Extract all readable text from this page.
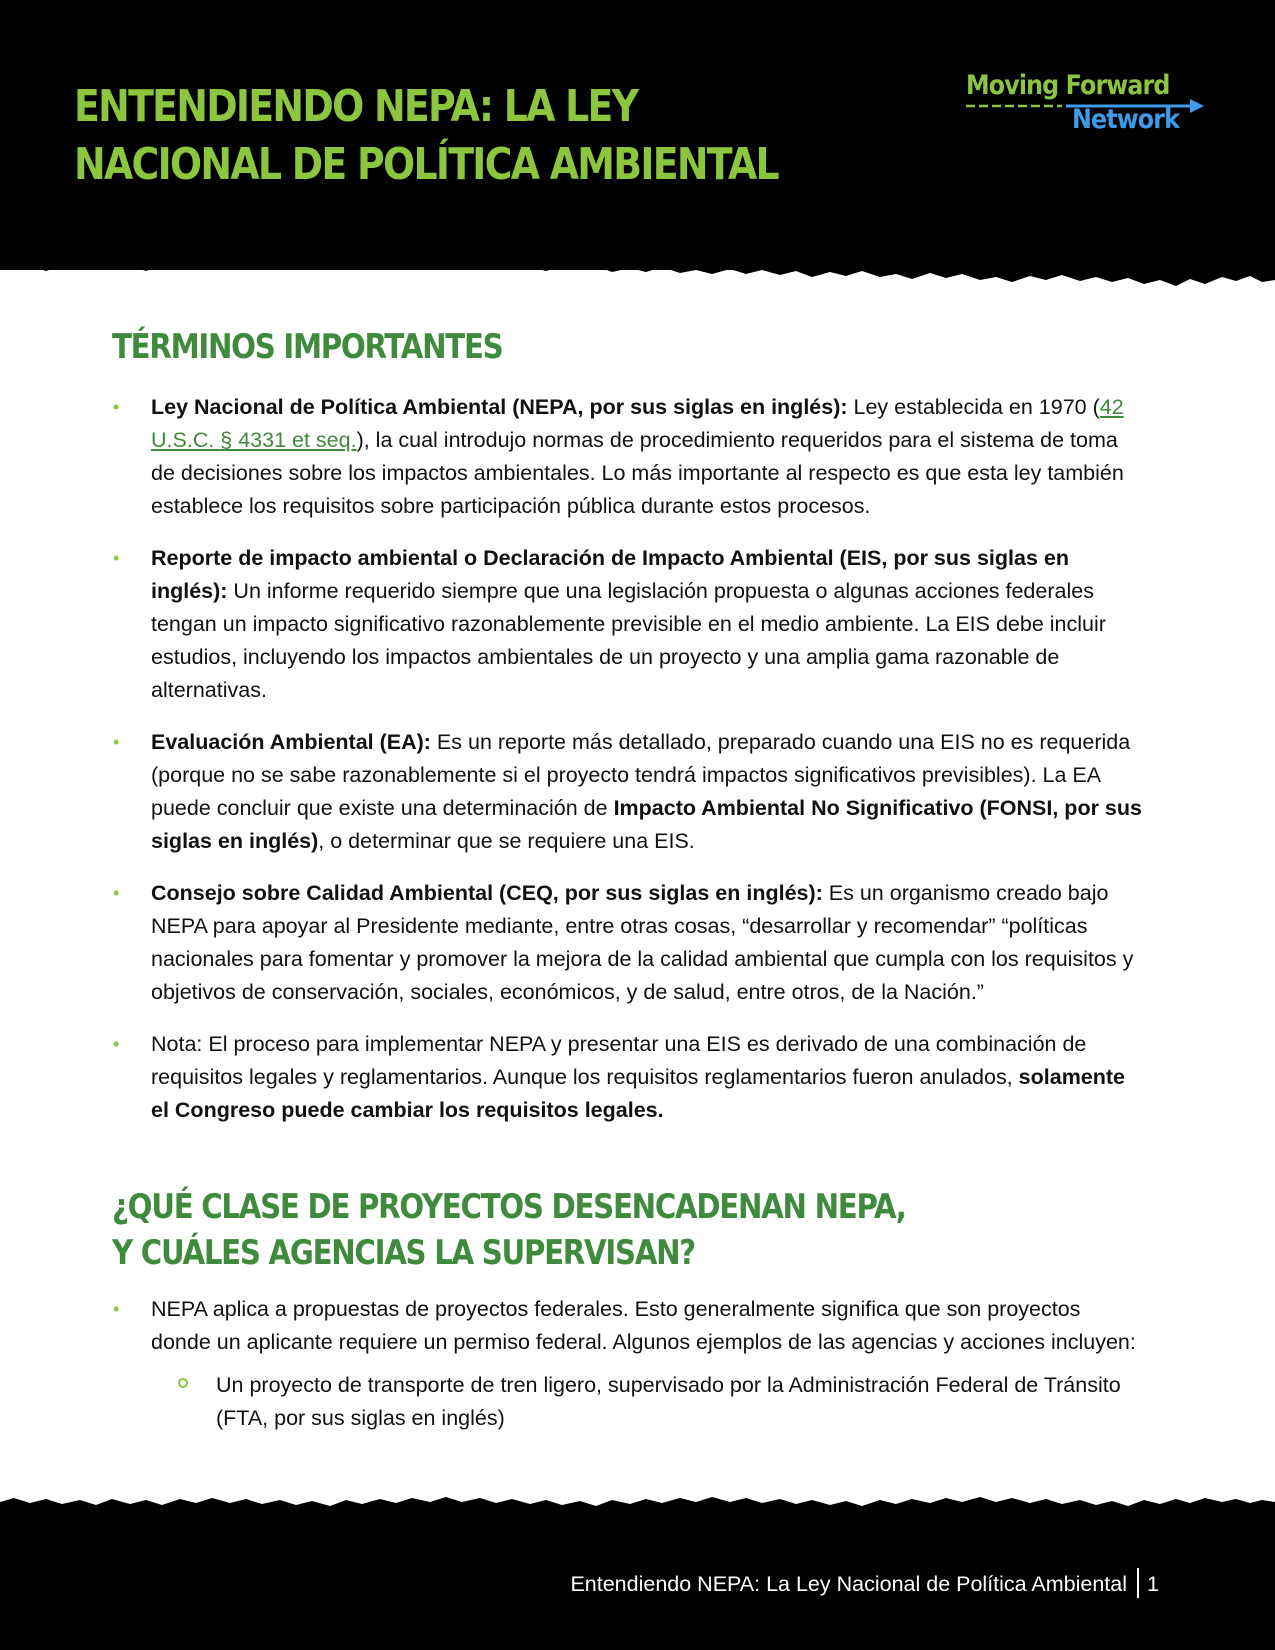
ENTENDIENDO NEPA: LA LEY
NACIONAL DE POLÍTICA AMBIENTAL
Moving Forward
Network
TÉRMINOS IMPORTANTES
• Ley Nacional de Política Ambiental (NEPA, por sus siglas en inglés): Ley establecida en 1970 (42 U.S.C. § 4331 et seq.), la cual introdujo normas de procedimiento requeridos para el sistema de toma de decisiones sobre los impactos ambientales. Lo más importante al respecto es que esta ley también establece los requisitos sobre participación pública durante estos procesos.
• Reporte de impacto ambiental o Declaración de Impacto Ambiental (EIS, por sus siglas en inglés): Un informe requerido siempre que una legislación propuesta o algunas acciones federales tengan un impacto significativo razonablemente previsible en el medio ambiente. La EIS debe incluir estudios, incluyendo los impactos ambientales de un proyecto y una amplia gama razonable de alternativas.
• Evaluación Ambiental (EA): Es un reporte más detallado, preparado cuando una EIS no es requerida (porque no se sabe razonablemente si el proyecto tendrá impactos significativos previsibles). La EA puede concluir que existe una determinación de Impacto Ambiental No Significativo (FONSI, por sus siglas en inglés), o determinar que se requiere una EIS.
• Consejo sobre Calidad Ambiental (CEQ, por sus siglas en inglés): Es un organismo creado bajo NEPA para apoyar al Presidente mediante, entre otras cosas, “desarrollar y recomendar” “políticas nacionales para fomentar y promover la mejora de la calidad ambiental que cumpla con los requisitos y objetivos de conservación, sociales, económicos, y de salud, entre otros, de la Nación.”
• Nota: El proceso para implementar NEPA y presentar una EIS es derivado de una combinación de requisitos legales y reglamentarios. Aunque los requisitos reglamentarios fueron anulados, solamente el Congreso puede cambiar los requisitos legales.
¿QUÉ CLASE DE PROYECTOS DESENCADENAN NEPA,
Y CUÁLES AGENCIAS LA SUPERVISAN?
• NEPA aplica a propuestas de proyectos federales. Esto generalmente significa que son proyectos donde un aplicante requiere un permiso federal. Algunos ejemplos de las agencias y acciones incluyen:
Un proyecto de transporte de tren ligero, supervisado por la Administración Federal de Tránsito (FTA, por sus siglas en inglés)
Entendiendo NEPA: La Ley Nacional de Política Ambiental 1
